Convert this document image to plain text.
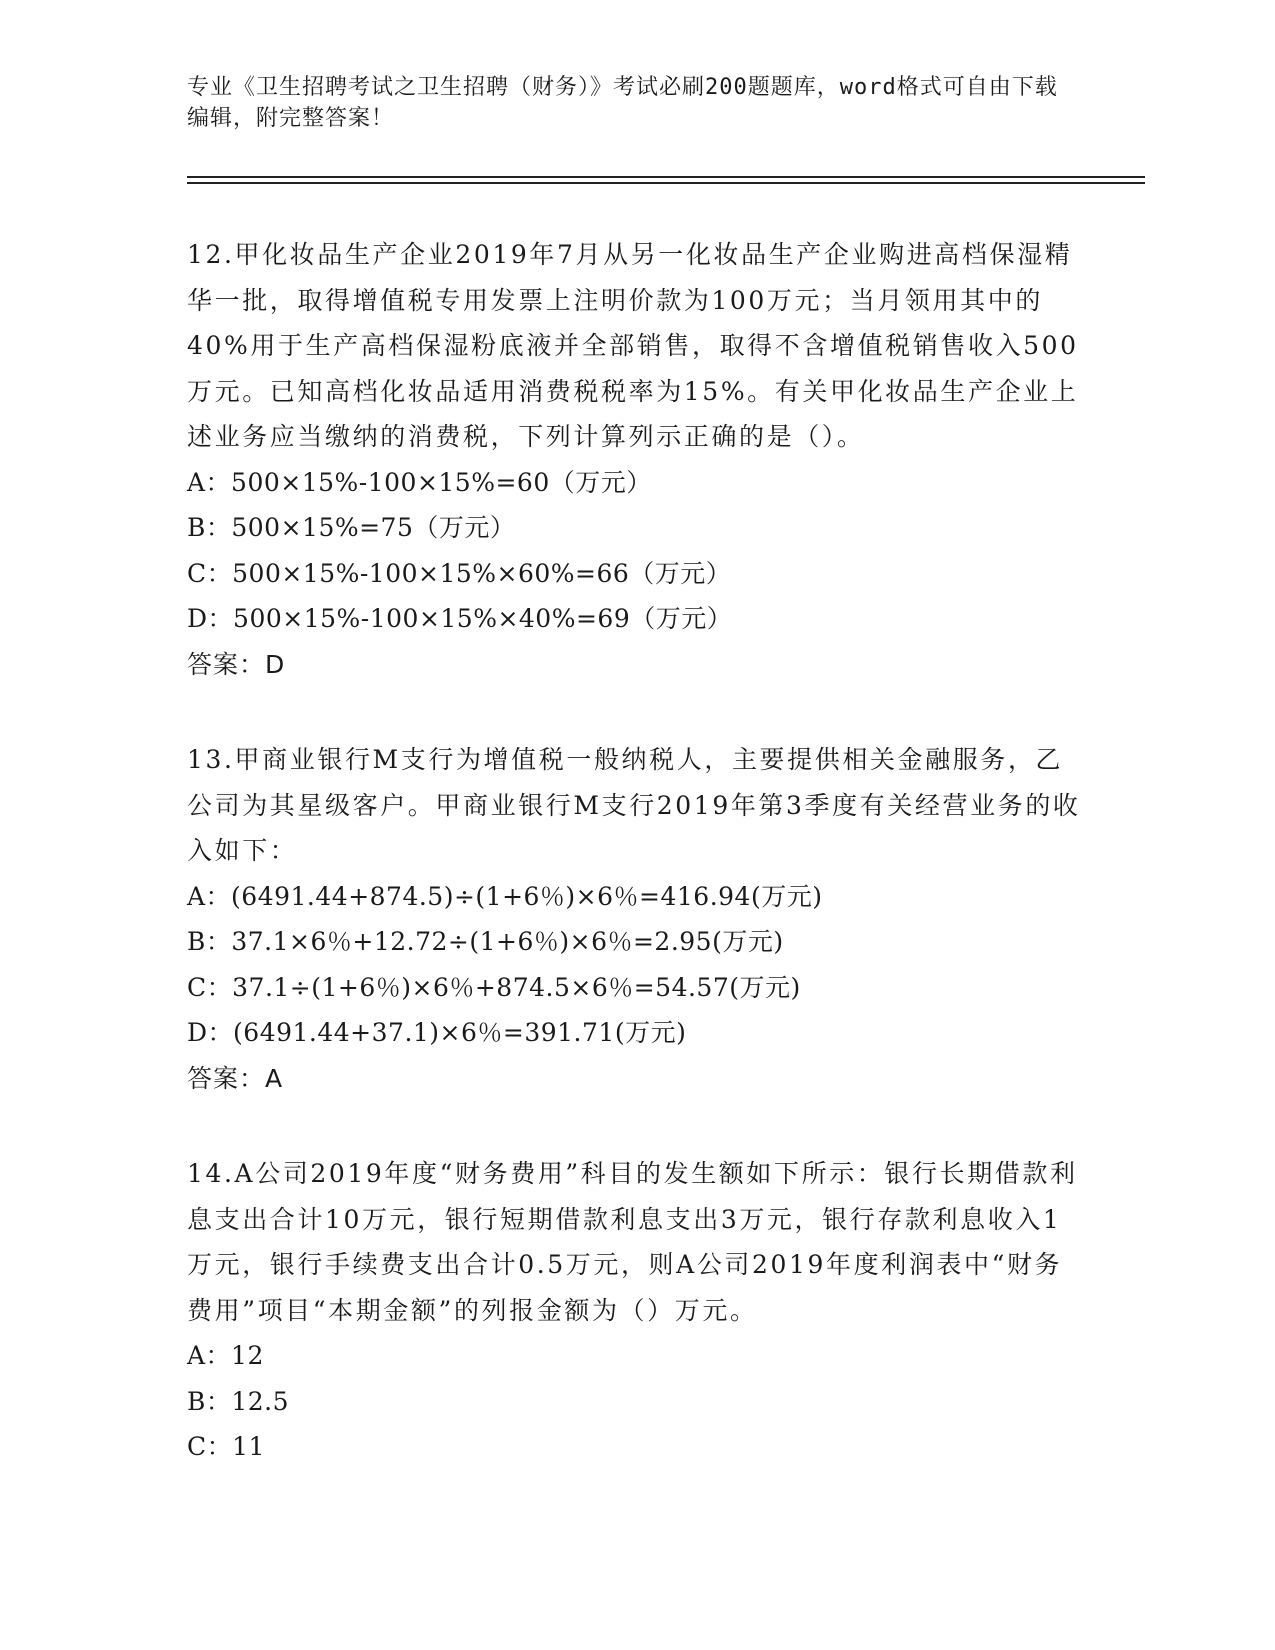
专业《卫生招聘考试之卫生招聘（财务）》考试必刷200题题库，word格式可自由下载编辑，附完整答案！

12.甲化妆品生产企业2019年7月从另一化妆品生产企业购进高档保湿精华一批，取得增值税专用发票上注明价款为100万元；当月领用其中的40%用于生产高档保湿粉底液并全部销售，取得不含增值税销售收入500万元。已知高档化妆品适用消费税税率为15%。有关甲化妆品生产企业上述业务应当缴纳的消费税，下列计算列示正确的是（）。

A：500×15%-100×15%=60（万元）

B：500×15%=75（万元）

C：500×15%-100×15%×60%=66（万元）

D：500×15%-100×15%×40%=69（万元）

答案：D

13.甲商业银行M支行为增值税一般纳税人，主要提供相关金融服务，乙公司为其星级客户。甲商业银行M支行2019年第3季度有关经营业务的收入如下：

A：(6491.44+874.5)÷(1+6％)×6％=416.94(万元)

B：37.1×6％+12.72÷(1+6％)×6％=2.95(万元)

C：37.1÷(1+6％)×6％+874.5×6％=54.57(万元)

D：(6491.44+37.1)×6％=391.71(万元)

答案：A

14.A公司2019年度“财务费用”科目的发生额如下所示：银行长期借款利息支出合计10万元，银行短期借款利息支出3万元，银行存款利息收入1万元，银行手续费支出合计0.5万元，则A公司2019年度利润表中“财务费用”项目“本期金额”的列报金额为（）万元。

A：12

B：12.5

C：11
